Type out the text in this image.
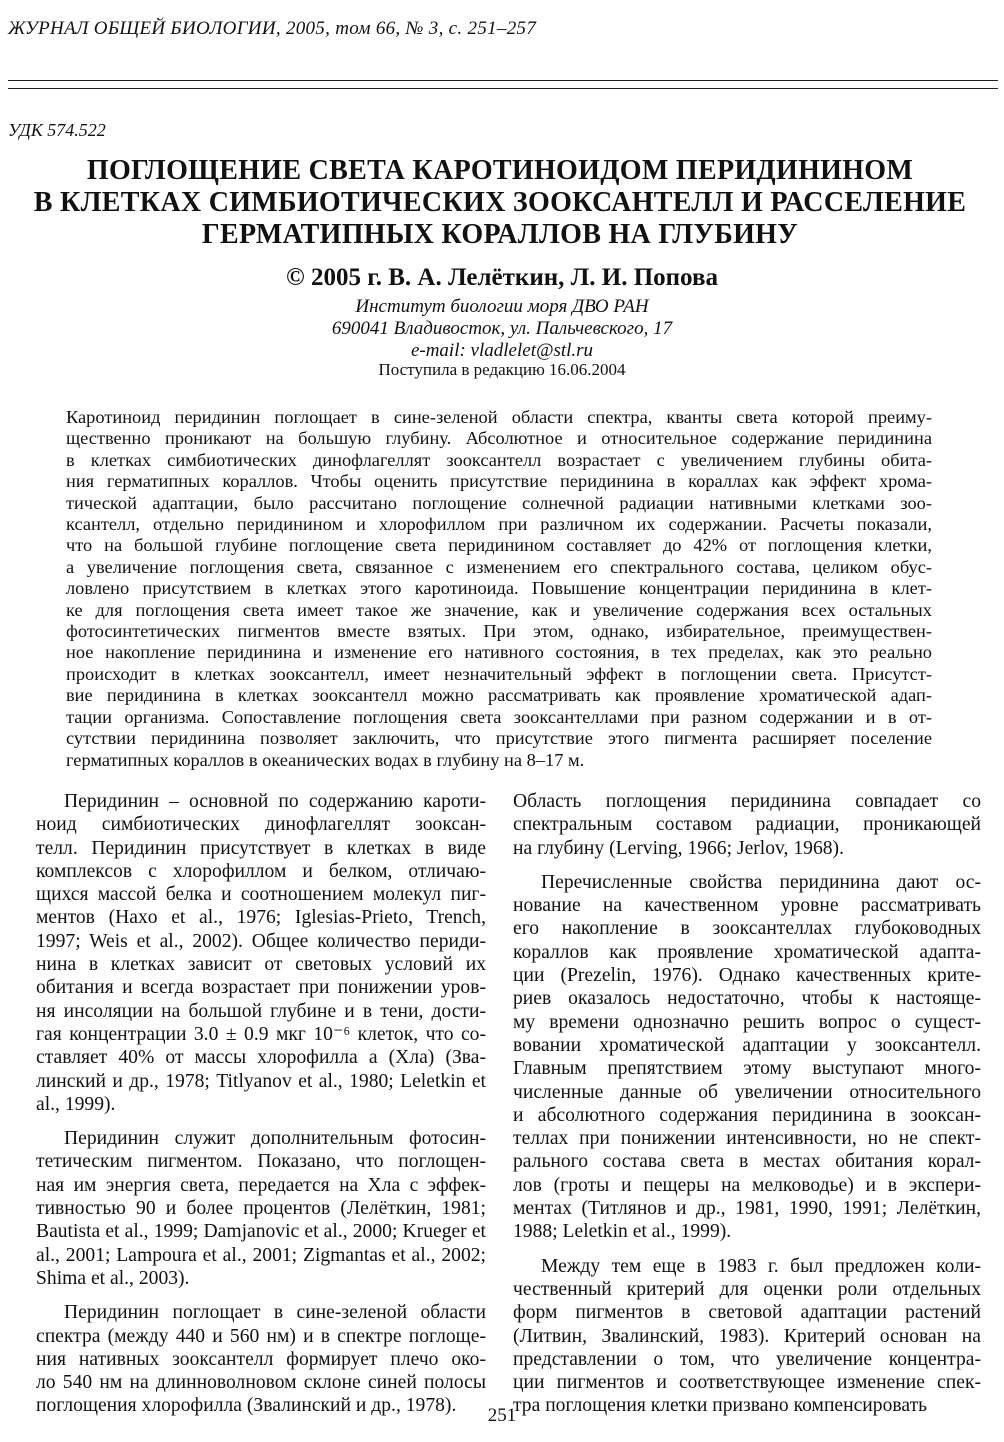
ЖУРНАЛ ОБЩЕЙ БИОЛОГИИ, 2005, том 66, № 3, с. 251–257
УДК 574.522
ПОГЛОЩЕНИЕ СВЕТА КАРОТИНОИДОМ ПЕРИДИНИНОМ
В КЛЕТКАХ СИМБИОТИЧЕСКИХ ЗООКСАНТЕЛЛ И РАССЕЛЕНИЕ
ГЕРМАТИПНЫХ КОРАЛЛОВ НА ГЛУБИНУ
© 2005 г. В. А. Лелёткин, Л. И. Попова
Институт биологии моря ДВО РАН
690041 Владивосток, ул. Пальчевского, 17
e-mail: vladlelet@stl.ru
Поступила в редакцию 16.06.2004
Каротиноид перидинин поглощает в сине-зеленой области спектра, кванты света которой преиму-
щественно проникают на большую глубину. Абсолютное и относительное содержание перидинина
в клетках симбиотических динофлагеллят зооксантелл возрастает с увеличением глубины обита-
ния герматипных кораллов. Чтобы оценить присутствие перидинина в кораллах как эффект хрома-
тической адаптации, было рассчитано поглощение солнечной радиации нативными клетками зоо-
ксантелл, отдельно перидинином и хлорофиллом при различном их содержании. Расчеты показали,
что на большой глубине поглощение света перидинином составляет до 42% от поглощения клетки,
а увеличение поглощения света, связанное с изменением его спектрального состава, целиком обус-
ловлено присутствием в клетках этого каротиноида. Повышение концентрации перидинина в клет-
ке для поглощения света имеет такое же значение, как и увеличение содержания всех остальных
фотосинтетических пигментов вместе взятых. При этом, однако, избирательное, преимуществен-
ное накопление перидинина и изменение его нативного состояния, в тех пределах, как это реально
происходит в клетках зооксантелл, имеет незначительный эффект в поглощении света. Присутст-
вие перидинина в клетках зооксантелл можно рассматривать как проявление хроматической адап-
тации организма. Сопоставление поглощения света зооксантеллами при разном содержании и в от-
сутствии перидинина позволяет заключить, что присутствие этого пигмента расширяет поселение
герматипных кораллов в океанических водах в глубину на 8–17 м.

Перидинин – основной по содержанию кароти-
ноид симбиотических динофлагеллят зооксан-
телл. Перидинин присутствует в клетках в виде
комплексов с хлорофиллом и белком, отличаю-
щихся массой белка и соотношением молекул пиг-
ментов (Haxo et al., 1976; Iglesias-Prieto, Trench,
1997; Weis et al., 2002). Общее количество периди-
нина в клетках зависит от световых условий их
обитания и всегда возрастает при понижении уров-
ня инсоляции на большой глубине и в тени, дости-
гая концентрации 3.0 ± 0.9 мкг 10⁻⁶ клеток, что со-
ставляет 40% от массы хлорофилла a (Хла) (Зва-
линский и др., 1978; Titlyanov et al., 1980; Leletkin et
al., 1999).

Перидинин служит дополнительным фотосин-
тетическим пигментом. Показано, что поглощен-
ная им энергия света, передается на Хла с эффек-
тивностью 90 и более процентов (Лелёткин, 1981;
Bautista et al., 1999; Damjanovic et al., 2000; Krueger et
al., 2001; Lampoura et al., 2001; Zigmantas et al., 2002;
Shima et al., 2003).

Перидинин поглощает в сине-зеленой области
спектра (между 440 и 560 нм) и в спектре поглоще-
ния нативных зооксантелл формирует плечо око-
ло 540 нм на длинноволновом склоне синей полосы
поглощения хлорофилла (Звалинский и др., 1978).

Область поглощения перидинина совпадает со
спектральным составом радиации, проникающей
на глубину (Lerving, 1966; Jerlov, 1968).

Перечисленные свойства перидинина дают ос-
нование на качественном уровне рассматривать
его накопление в зооксантеллах глубоководных
кораллов как проявление хроматической адапта-
ции (Prezelin, 1976). Однако качественных крите-
риев оказалось недостаточно, чтобы к настояще-
му времени однозначно решить вопрос о сущест-
вовании хроматической адаптации у зооксантелл.
Главным препятствием этому выступают много-
численные данные об увеличении относительного
и абсолютного содержания перидинина в зооксан-
теллах при понижении интенсивности, но не спект-
рального состава света в местах обитания корал-
лов (гроты и пещеры на мелководье) и в экспери-
ментах (Титлянов и др., 1981, 1990, 1991; Лелёткин,
1988; Leletkin et al., 1999).

Между тем еще в 1983 г. был предложен коли-
чественный критерий для оценки роли отдельных
форм пигментов в световой адаптации растений
(Литвин, Звалинский, 1983). Критерий основан на
представлении о том, что увеличение концентра-
ции пигментов и соответствующее изменение спек-
тра поглощения клетки призвано компенсировать

251
